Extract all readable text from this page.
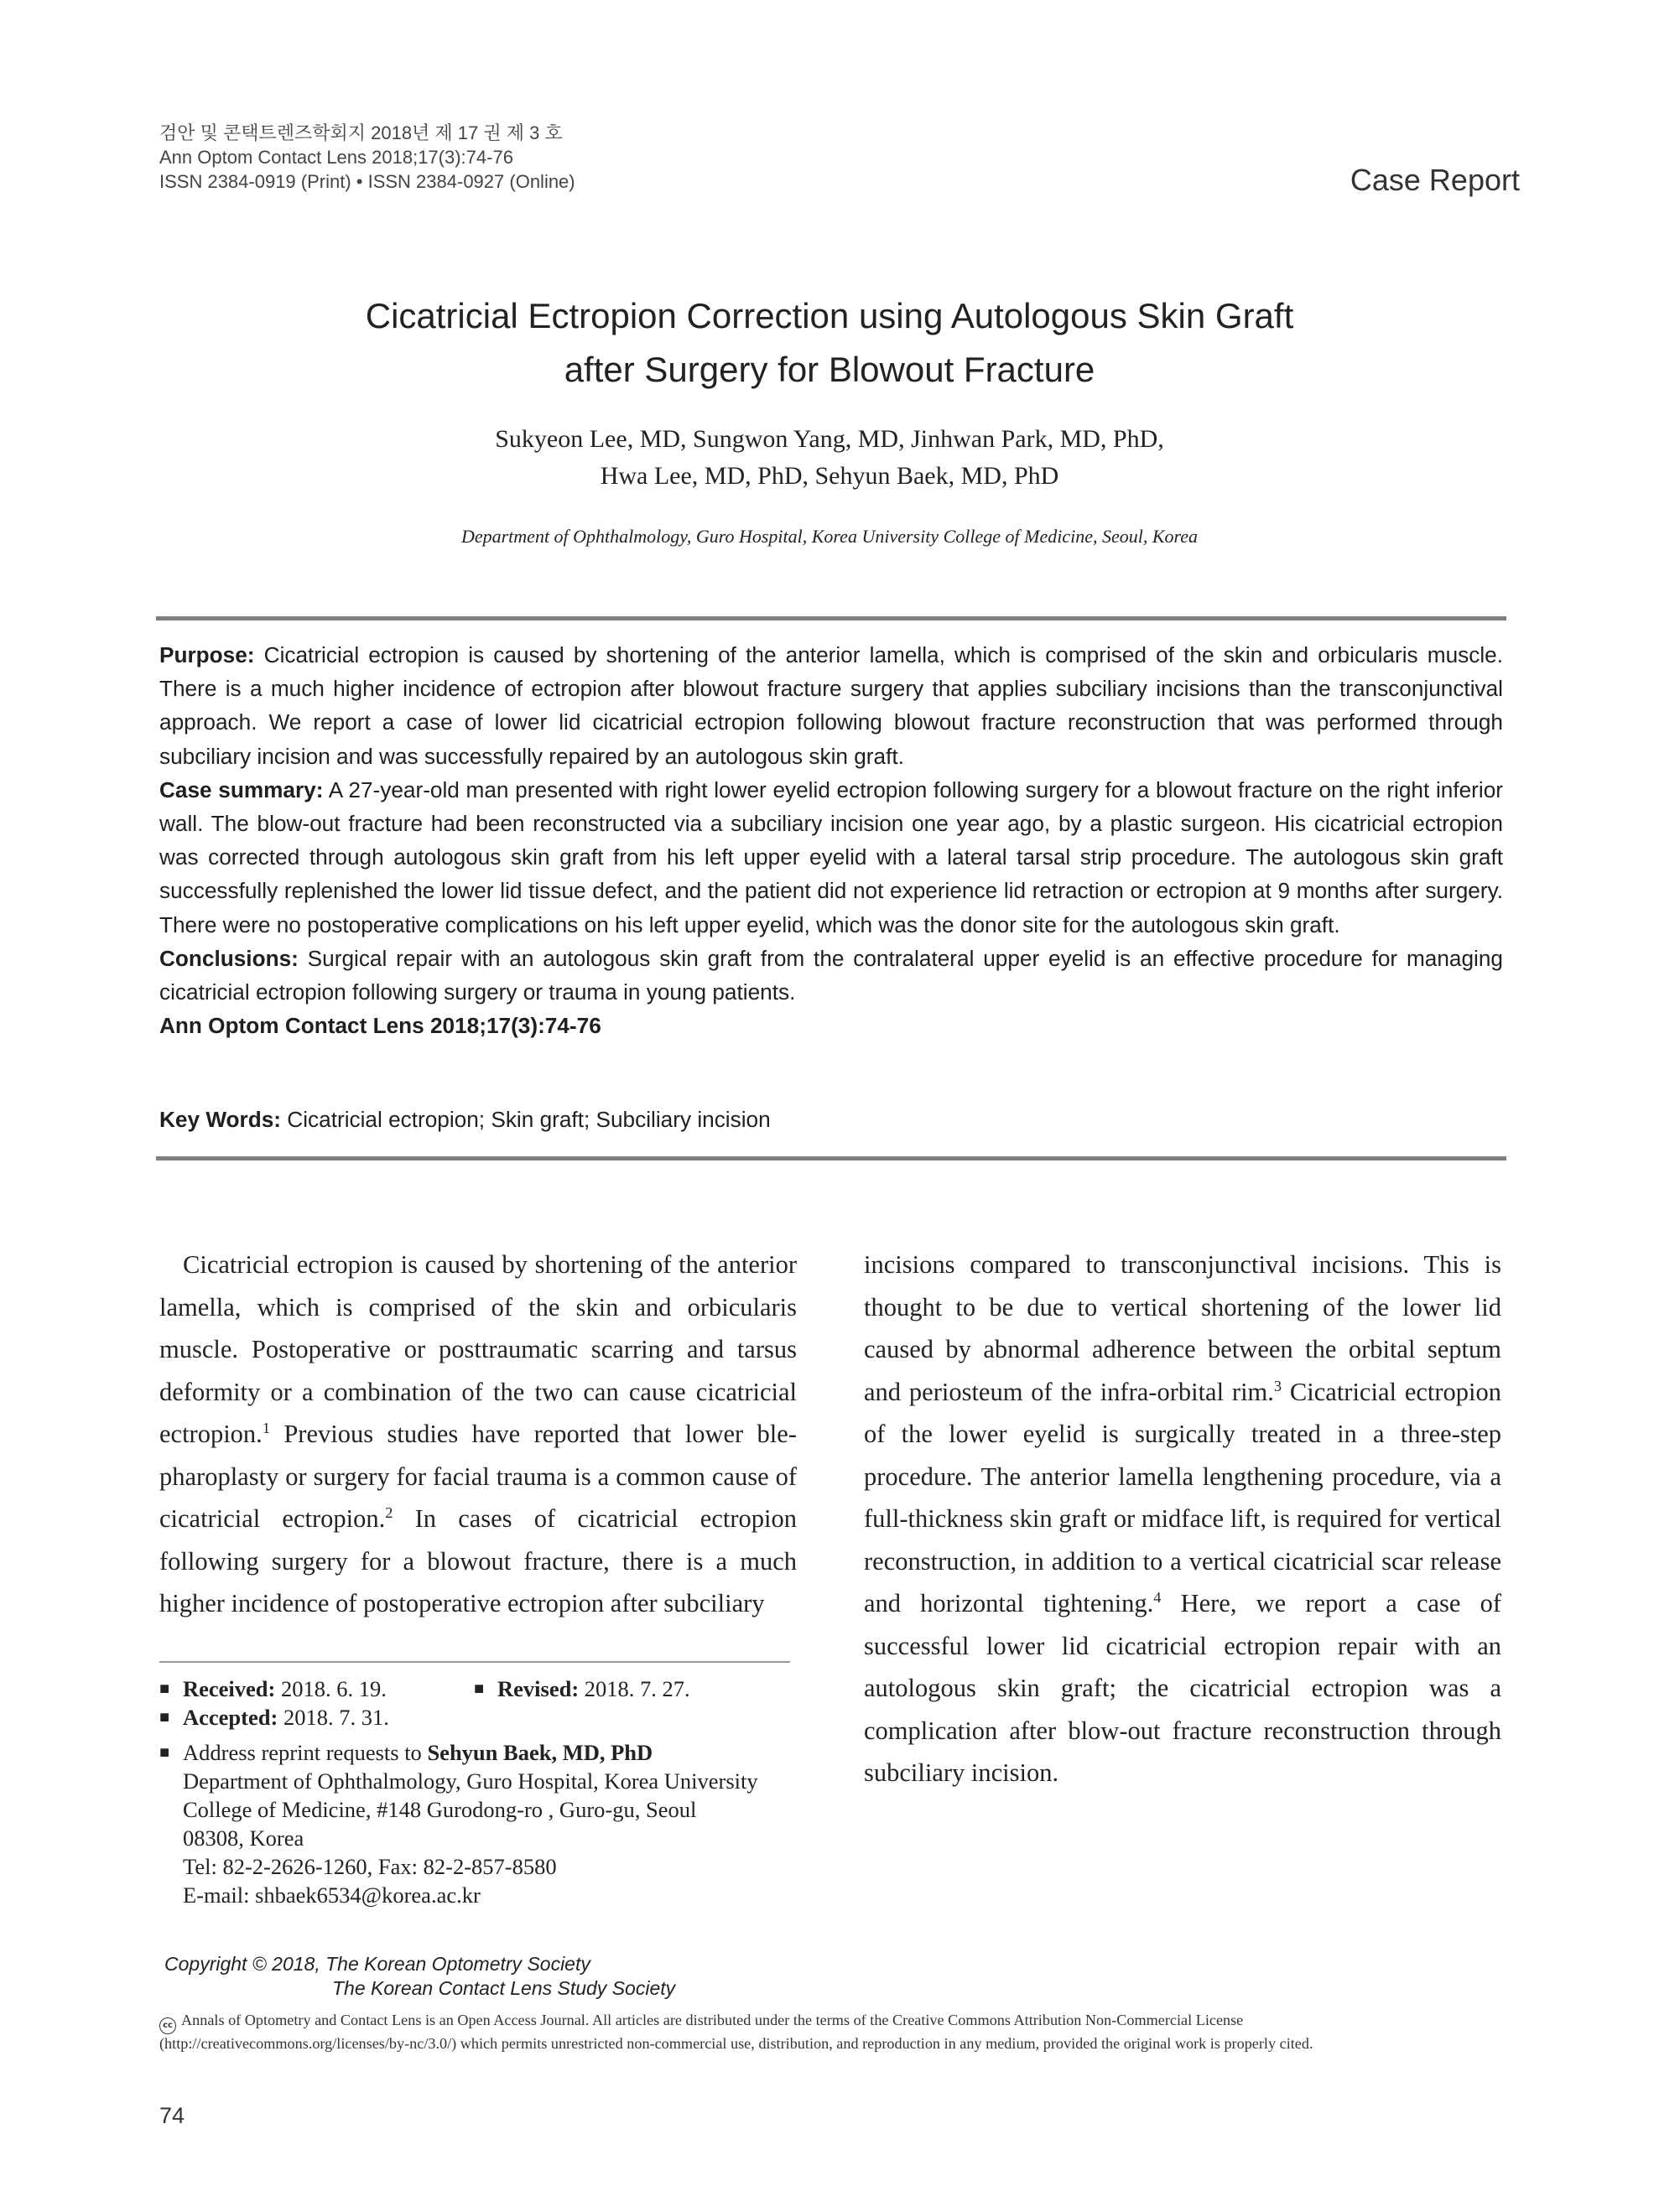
검안 및 콘택트렌즈학회지 2018년 제 17 권 제 3 호
Ann Optom Contact Lens 2018;17(3):74-76
ISSN 2384-0919 (Print) • ISSN 2384-0927 (Online)	Case Report
Cicatricial Ectropion Correction using Autologous Skin Graft
after Surgery for Blowout Fracture
Sukyeon Lee, MD, Sungwon Yang, MD, Jinhwan Park, MD, PhD,
Hwa Lee, MD, PhD, Sehyun Baek, MD, PhD
Department of Ophthalmology, Guro Hospital, Korea University College of Medicine, Seoul, Korea

Purpose: Cicatricial ectropion is caused by shortening of the anterior lamella, which is comprised of the skin and orbicularis muscle. There is a much higher incidence of ectropion after blowout fracture surgery that applies subciliary incisions than the transconjunctival approach. We report a case of lower lid cicatricial ectropion following blowout fracture reconstruction that was performed through subciliary incision and was successfully repaired by an autologous skin graft.

Case summary: A 27-year-old man presented with right lower eyelid ectropion following surgery for a blowout fracture on the right inferior wall. The blow-out fracture had been reconstructed via a subciliary incision one year ago, by a plastic surgeon. His cicatricial ectropion was corrected through autologous skin graft from his left upper eyelid with a lateral tarsal strip procedure. The autologous skin graft successfully replenished the lower lid tissue defect, and the patient did not experience lid retraction or ectropion at 9 months after surgery. There were no postoperative complications on his left upper eyelid, which was the donor site for the autologous skin graft.

Conclusions: Surgical repair with an autologous skin graft from the contralateral upper eyelid is an effective procedure for managing cicatricial ectropion following surgery or trauma in young patients.

Ann Optom Contact Lens 2018;17(3):74-76

Key Words: Cicatricial ectropion; Skin graft; Subciliary incision

Cicatricial ectropion is caused by shortening of the anterior lamella, which is comprised of the skin and orbicularis muscle. Postoperative or posttraumatic scarring and tarsus deformity or a combination of the two can cause cicatricial ectropion.$^1$ Previous studies have reported that lower blepharoplasty or surgery for facial trauma is a common cause of cicatricial ectropion.$^2$ In cases of cicatricial ectropion following surgery for a blowout fracture, there is a much higher incidence of postoperative ectropion after subciliary

incisions compared to transconjunctival incisions. This is thought to be due to vertical shortening of the lower lid caused by abnormal adherence between the orbital septum and periosteum of the infra-orbital rim.$^3$ Cicatricial ectropion of the lower eyelid is surgically treated in a three-step procedure. The anterior lamella lengthening procedure, via a full-thickness skin graft or midface lift, is required for vertical reconstruction, in addition to a vertical cicatricial scar release and horizontal tightening.$^4$ Here, we report a case of successful lower lid cicatricial ectropion repair with an autologous skin graft; the cicatricial ectropion was a complication after blow-out fracture reconstruction through subciliary incision.

■ Received: 2018. 6. 19.	■ Revised: 2018. 7. 27.
■ Accepted: 2018. 7. 31.
■ Address reprint requests to Sehyun Baek, MD, PhD
Department of Ophthalmology, Guro Hospital, Korea University
College of Medicine, #148 Gurodong-ro , Guro-gu, Seoul
08308, Korea
Tel: 82-2-2626-1260, Fax: 82-2-857-8580
E-mail: shbaek6534@korea.ac.kr
Copyright © 2018, The Korean Optometry Society
The Korean Contact Lens Study Society
cc Annals of Optometry and Contact Lens is an Open Access Journal. All articles are distributed under the terms of the Creative Commons Attribution Non-Commercial License
(http://creativecommons.org/licenses/by-nc/3.0/) which permits unrestricted non-commercial use, distribution, and reproduction in any medium, provided the original work is properly cited.
74
